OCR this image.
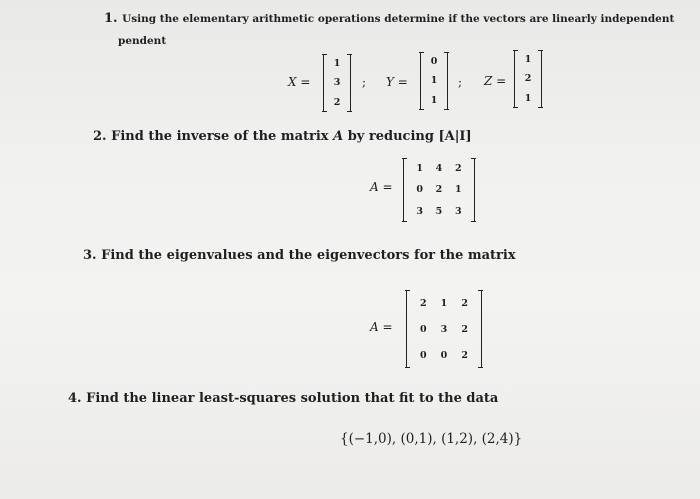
1. Using the elementary arithmetic operations determine if the vectors are linearly independent
pendent
X =
1
3
2
; Y =
0
1
1
; Z =
1
2
1
2. Find the inverse of the matrix A by reducing [A|I]
A =
1	4	2
0	2	1
3	5	3
3. Find the eigenvalues and the eigenvectors for the matrix
A =
2	1	2
0	3	2
0	0	2
4. Find the linear least-squares solution that fit to the data
{(−1,0), (0,1), (1,2), (2,4)}
